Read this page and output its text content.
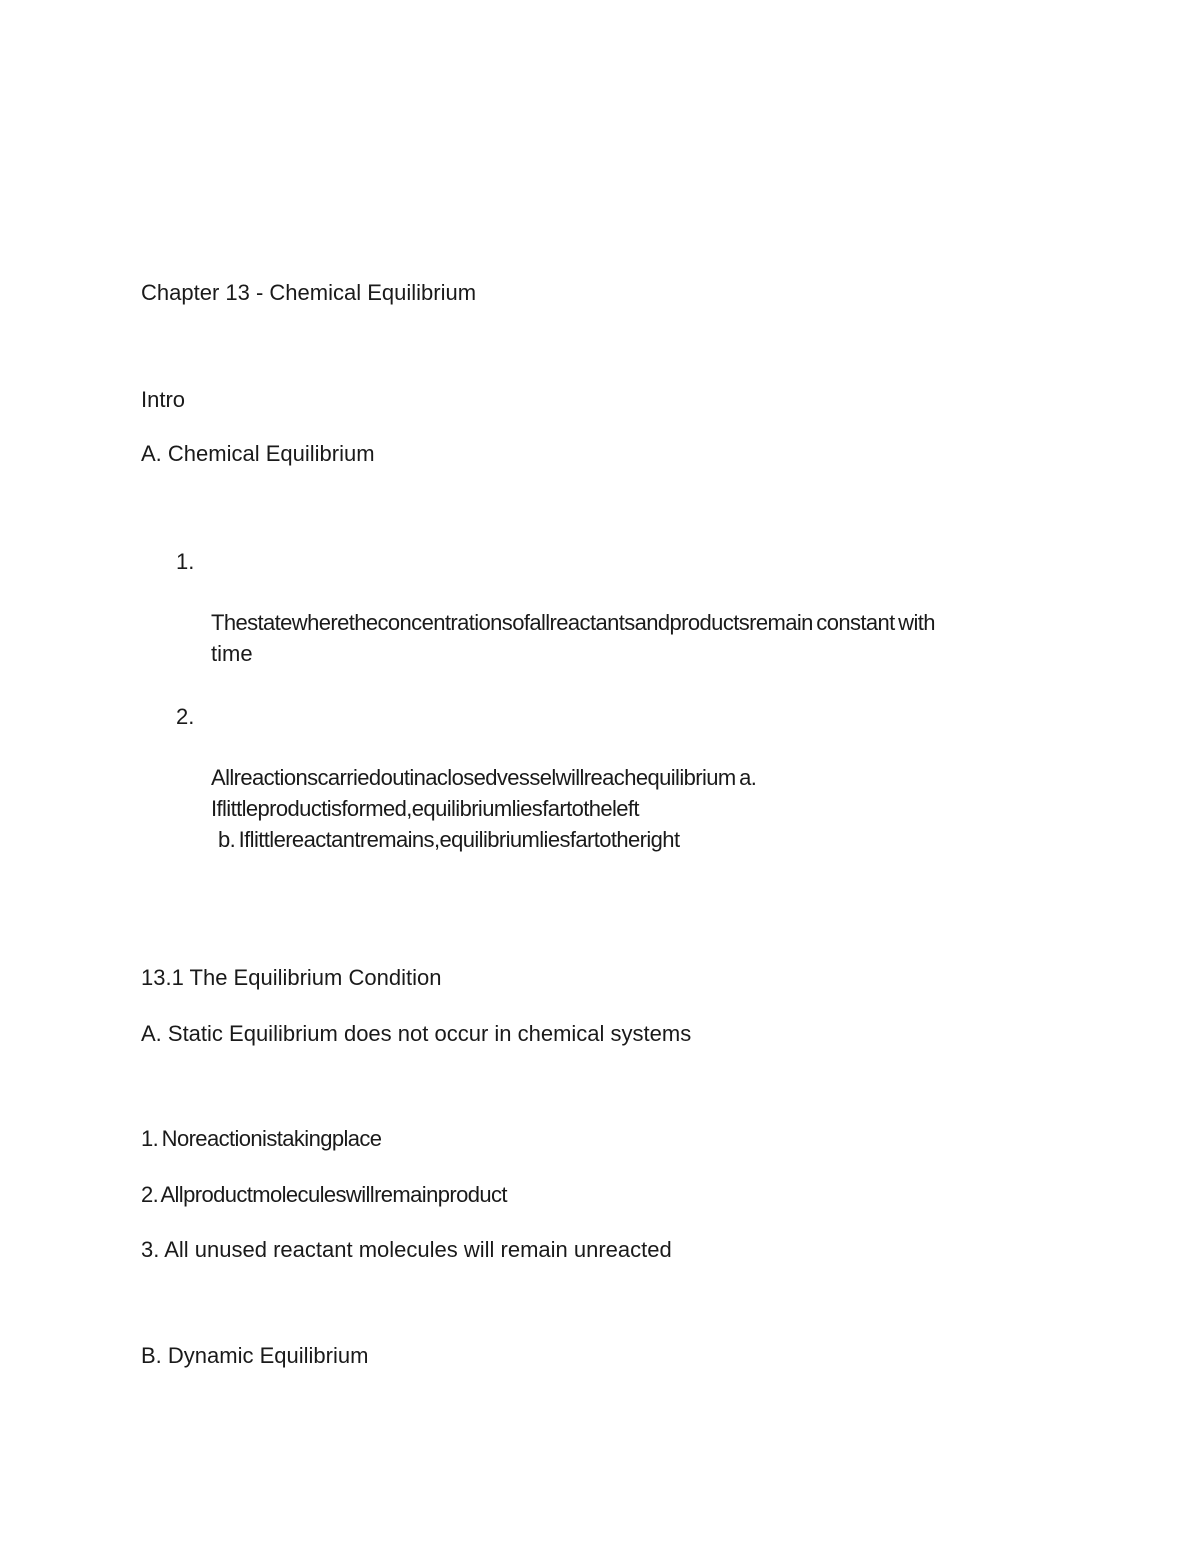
Chapter 13 - Chemical Equilibrium
Intro
A. Chemical Equilibrium
1.
Thestatewheretheconcentrationsofallreactantsandproductsremain constant with
time
2.
Allreactionscarriedoutinaclosedvesselwillreachequilibrium a.
Iflittleproductisformed,equilibriumliesfartotheleft
b. Iflittlereactantremains,equilibriumliesfartotheright
13.1 The Equilibrium Condition
A. Static Equilibrium does not occur in chemical systems
1. Noreactionistakingplace
2. Allproductmoleculeswillremainproduct
3. All unused reactant molecules will remain unreacted
B. Dynamic Equilibrium
